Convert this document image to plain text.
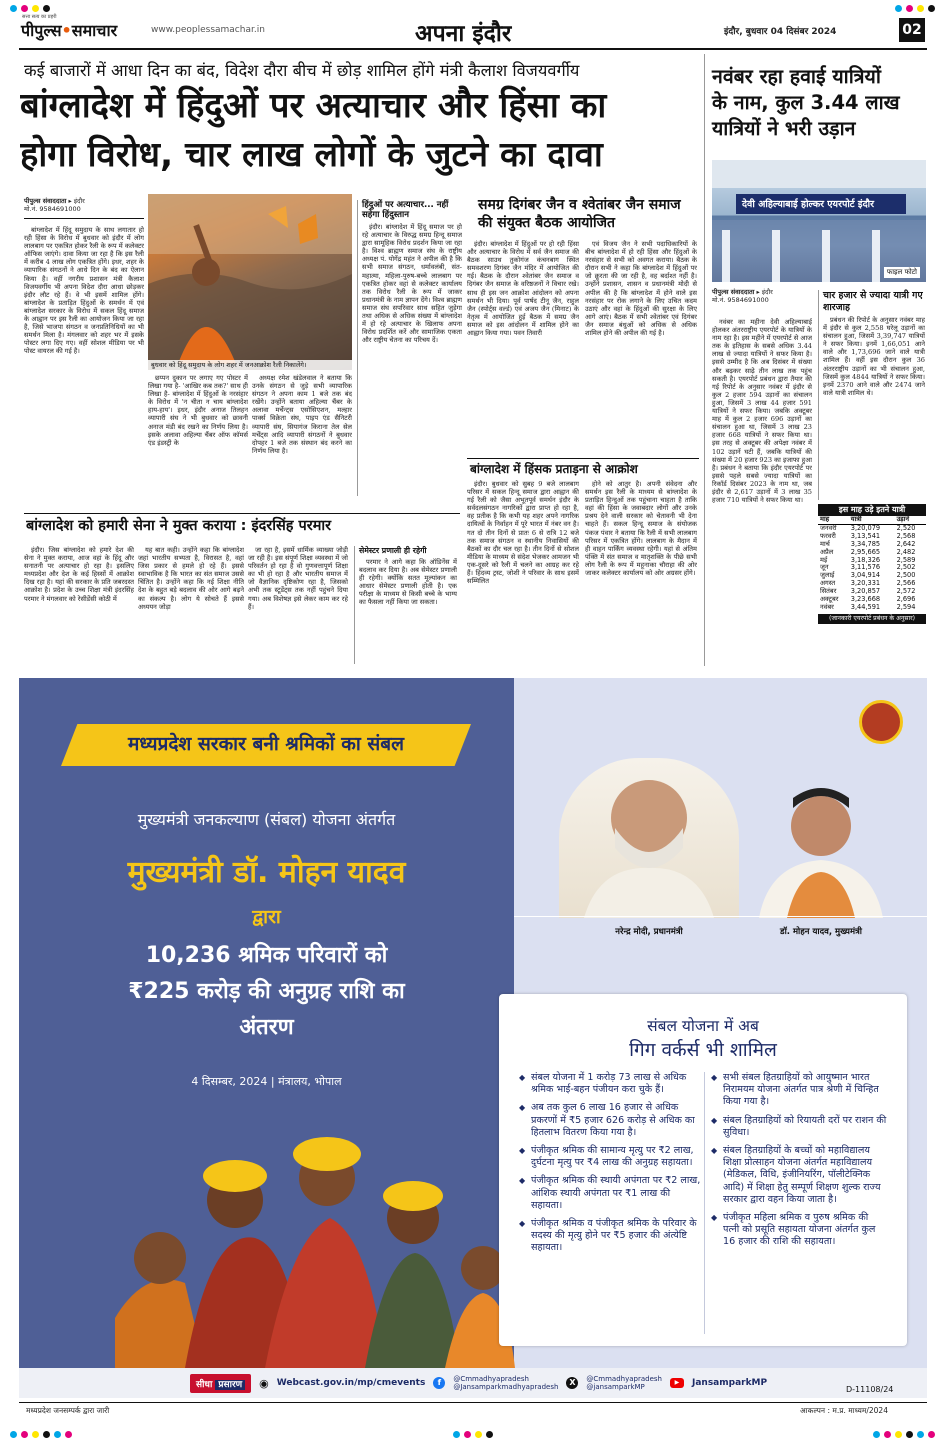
सत्ता सत्य का प्रहरी
पीपुल्स•समाचार	www.peoplessamachar.in	अपना इंदौर	इंदौर, बुधवार 04 दिसंबर 2024	02
कई बाजारों में आधा दिन का बंद, विदेश दौरा बीच में छोड़ शामिल होंगे मंत्री कैलाश विजयवर्गीय
बांग्लादेश में हिंदुओं पर अत्याचार और हिंसा का
होगा विरोध, चार लाख लोगों के जुटने का दावा
पीपुल्स संवाददाता ▸ इंदौर
मो.नं. 9584691000
बुधवार को हिंदू समुदाय के लोग शहर में जनआक्रोश रैली निकालेंगे।

बांग्लादेश में हिंदू समुदाय के साथ लगातार हो रही हिंसा के विरोध में बुधवार को इंदौर में लोग लालबाग पर एकत्रित होकर रैली के रूप में कलेक्टर ऑफिस जाएंगे। दावा किया जा रहा है कि इस रैली में करीब 4 लाख लोग एकत्रित होंगे। इधर, शहर के व्यापारिक संगठनों ने आधे दिन के बंद का ऐलान किया है। वहीं नगरीय प्रशासन मंत्री कैलाश विजयवर्गीय भी अपना विदेश दौरा आधा छोड़कर इंदौर लौट रहे हैं। वे भी इसमें शामिल होंगे। बांग्लादेश के प्रताड़ित हिंदुओं के समर्थन में एवं बांग्लादेश सरकार के विरोध में सकल हिंदू समाज के आह्वान पर इस रैली का आयोजन किया जा रहा है, जिसे भाजपा संगठन व जनप्रतिनिधियों का भी समर्थन मिला है। मंगलवार को शहर भर में इसके पोस्टर लगा दिए गए। वहीं सोशल मीडिया पर भी पोस्ट वायरल की गई है।

छप्पन दुकान पर लगाए गए पोस्टर में लिखा गया है- 'आखिर कब तक?' साथ ही लिखा है- बांग्लादेश में हिंदुओं के नरसंहार के विरोध में 'न चीता न चाय बांग्लादेश हाय-हाय'। इधर, इंदौर अनाज तिलहन व्यापारी संघ ने भी बुधवार को छावनी अनाज मंडी बंद रखने का निर्णय लिया है। इसके अलावा अहिल्या चैंबर ऑफ कॉमर्स एंड इंडस्ट्री के

अध्यक्ष रमेश खंडेलवाल ने बताया कि उनके संगठन से जुड़े सभी व्यापारिक संगठन ने अपना काम 1 बजे तक बंद रखेंगे। उन्होंने बताया अहिल्या चैंबर के अलावा मर्चेन्ट्स एसोसिएशन, मल्हार पार्क्स विक्रेता संघ, पाइप एंड सैनिटरी व्यापारी संघ, सियागंज किराना तेल सेल मर्चेंट्स आदि व्यापारी संगठनों ने बुधवार दोपहर 1 बजे तक संस्थान बंद करने का निर्णय लिया है।

हिंदुओं पर अत्याचार... नहीं सहेगा हिंदुस्तान

इंदौर। बांग्लादेश में हिंदू समाज पर हो रहे अत्याचार के विरुद्ध समग्र हिन्दू समाज द्वारा सामूहिक विरोध प्रदर्शन किया जा रहा है। विश्व ब्राह्मण समाज संघ के राष्ट्रीय अध्यक्ष पं. योगेंद्र महंत ने अपील की है कि सभी समाज संगठन, धर्मावलंबी, संत-महात्मा, महिला-पुरुष-बच्चे लालबाग पर एकत्रित होकर वहां से कलेक्टर कार्यालय तक विरोध रैली के रूप में जाकर प्रधानमंत्री के नाम ज्ञापन देंगे। विश्व ब्राह्मण समाज संघ सपरिवार साथ सहित जुड़ेगा तथा अधिक से अधिक संख्या में बांग्लादेश में हो रहे अत्याचार के खिलाफ अपना विरोध प्रदर्शित करें और सामाजिक एकता और राष्ट्रीय चेतना का परिचय दें।

समग्र दिगंबर जैन व श्वेतांबर जैन समाज की संयुक्त बैठक आयोजित

इंदौर। बांग्लादेश में हिंदुओं पर हो रही हिंसा और अत्याचार के विरोध में सर्व जैन समाज की बैठक साउथ तुकोगंज कंचनबाग स्थित समवशरण दिगंबर जैन मंदिर में आयोजित की गई। बैठक के दौरान श्वेतांबर जैन समाज व दिगंबर जैन समाज के वरिष्ठजनों ने विचार रखे। साथ ही इस जन आक्रोश आंदोलन को अपना समर्थन भी दिया। पूर्व पार्षद टीनू जैन, राहुल जैन (स्पोर्ट्स वर्ल्ड) एवं अजय जैन (मिनाट) के नेतृत्व में आयोजित हुई बैठक में समग्र जैन समाज को इस आंदोलन में शामिल होने का आह्वान किया गया। पवन तिवारी

एवं विजय जैन ने सभी पदाधिकारियों के बीच बांग्लादेश में हो रही हिंसा और हिंदुओं के नरसंहार से सभी को अवगत कराया। बैठक के दौरान सभी ने कहा कि बांग्लादेश में हिंदुओं पर जो क्रूरता की जा रही है, वह बर्दाश्त नहीं है। उन्होंने प्रशासन, शासन व प्रधानमंत्री मोदी से अपील की है कि बांग्लादेश में होने वाले इस नरसंहार पर रोक लगाने के लिए उचित कदम उठाएं और वहां के हिंदुओं की सुरक्षा के लिए आगे आएं। बैठक में सभी श्वेतांबर एवं दिगंबर जैन समाज बंधुओं को अधिक से अधिक शामिल होने की अपील की गई है।

बांग्लादेश में हिंसक प्रताड़ना से आक्रोश

इंदौर। बुधवार को सुबह 9 बजे लालबाग परिसर में सकल हिन्दू समाज द्वारा आह्वान की गई रैली को जैसा अभूतपूर्व समर्थन इंदौर के सर्वदलसंगठन नागरिकों द्वारा प्राप्त हो रहा है, वह प्रतीक है कि कभी यह शहर अपने नागरिक दायित्वों के निर्वाहन में पूरे भारत में नंबर वन है। गत दो तीन दिनों से प्रातः 6 से रात्रि 12 बजे तक समाज संगठन व स्थानीय निवासियों की बैठकों का दौर चल रहा है। तीन दिनों से सोशल मीडिया के माध्यम से संदेश भेजकर आमजन भी एक-दूसरे को रैली में चलने का आग्रह कर रहे हैं। हिंदव्य ट्रस्ट, जोशी ने परिवार के साथ इसमें सम्मिलित

होने को आतुर है। अपनी संवेदना और समर्थन इस रैली के माध्यम से बांग्लादेश के प्रताड़ित हिन्दुओं तक पहुंचाना चाहता है ताकि वहां की हिंसा के जवाबदार लोगों और उनके प्रश्रय देने वाली सरकार को चेतावनी भी देना चाहते हैं। सकल हिन्दू समाज के संयोजक पंकज पंवार ने बताया कि रैली में सभी लालबाग परिसर में एकत्रित होंगे। लालबाग के मैदान में ही वाहन पार्किंग व्यवस्था रहेगी। यहां से अंतिम पंक्ति में संत समाज व मातृशक्ति के पीछे सभी लोग रैली के रूप में महूनाका चौराहा की ओर जाकर कलेक्टर कार्यालय को ओर अग्रसर होंगे।

बांग्लादेश को हमारी सेना ने मुक्त कराया : इंदरसिंह परमार

इंदौर। जिस बांग्लादेश को हमारे देश की सेना ने मुक्त कराया, आज वहां के हिंदू और सनातनी पर अत्याचार हो रहा है। इसलिए मध्यप्रदेश और देश के कई हिस्सों में आक्रोश दिख रहा है। यहां की सरकार के प्रति जबरदस्त आक्रोश है। प्रदेश के उच्च शिक्षा मंत्री इंदरसिंह परमार ने मंगलवार को रेसीडेंसी कोठी में

यह बात कही। उन्होंने कहा कि बांग्लादेश जहां भारतीय सभ्यता है, विरासत है, वहां जिस प्रकार से हमले हो रहे हैं। इससे स्वाभाविक है कि भारत का संत समाज उससे चिंतित है। उन्होंने कहा कि नई शिक्षा नीति देश के बहुत बड़े बदलाव की ओर आगे बढ़ने का संकल्प है। लोग ये सोचते हैं इससे अध्ययन जोड़ा

जा रहा है, इसमें धार्मिक व्याख्या जोड़ी जा रही है। इस संपूर्ण शिक्षा व्यवस्था में जो परिवर्तन हो रहा है वो गुणवत्तापूर्ण शिक्षा का भी हो रहा है और भारतीय समाज में जो वैज्ञानिक दृष्टिकोण रहा है, जिसको अभी तक स्टूडेंट्स तक नहीं पहुंचने दिया गया। अब विशेषज्ञ इसे लेकर काम कर रहे हैं।

सेमेस्टर प्रणाली ही रहेगी

परमार ने आगे कहा कि ऑडिनेंस में बदलाव कर दिया है। अब सेमेस्टर प्रणाली ही रहेगी। क्योंकि सतत मूल्यांकन का आधार सेमेस्टर प्रणाली होती है। एक परीक्षा के माध्यम से किसी बच्चे के भाग्य का फैसला नहीं किया जा सकता।

नवंबर रहा हवाई यात्रियों
के नाम, कुल 3.44 लाख
यात्रियों ने भरी उड़ान
देवी अहिल्याबाई होल्कर एयरपोर्ट इंदौर
फाइल फोटो
पीपुल्स संवाददाता ▸ इंदौर
मो.नं. 9584691000

नवंबर का महीना देवी अहिल्याबाई होलकर अंतरराष्ट्रीय एयरपोर्ट के यात्रियों के नाम रहा है। इस महीने में एयरपोर्ट से आज तक के इतिहास के सबसे अधिक 3.44 लाख से ज्यादा यात्रियों ने सफर किया है। इससे उम्मीद है कि अब दिसंबर में संख्या और बढ़कर साढ़े तीन लाख तक पहुंच सकती है। एयरपोर्ट प्रबंधन द्वारा तैयार की गई रिपोर्ट के अनुसार नवंबर में इंदौर से कुल 2 हजार 594 उड़ानों का संचालन हुआ, जिसमें 3 लाख 44 हजार 591 यात्रियों ने सफर किया। जबकि अक्टूबर माह में कुल 2 हजार 696 उड़ानों का संचालन हुआ था, जिसमें 3 लाख 23 हजार 668 यात्रियों ने सफर किया था। इस तरह से अक्टूबर की अपेक्षा नवंबर में 102 उड़ानें घटी हैं, जबकि यात्रियों की संख्या में 20 हजार 923 का इजाफा हुआ है। प्रबंधन ने बताया कि इंदौर एयरपोर्ट पर इससे पहले सबसे ज्यादा यात्रियों का रिकॉर्ड दिसंबर 2023 के नाम था, जब इंदौर से 2,617 उड़ानों में 3 लाख 35 हजार 710 यात्रियों ने सफर किया था।

चार हजार से ज्यादा यात्री गए शारजाह

प्रबंधन की रिपोर्ट के अनुसार नवंबर माह में इंदौर से कुल 2,558 घरेलू उड़ानों का संचालन हुआ, जिसमें 3,39,747 यात्रियों ने सफर किया। इनमें 1,66,051 आने वाले और 1,73,696 जाने वाले यात्री शामिल हैं। वहीं इस दौरान कुल 36 अंतरराष्ट्रीय उड़ानों का भी संचालन हुआ, जिसमें कुल 4844 यात्रियों ने सफर किया। इनमें 2370 आने वाले और 2474 जाने वाले यात्री शामिल थे।

इस माह उड़े इतने यात्री
माह	यात्री	उड़ानें
जनवरी	3,20,079	2,520
फरवरी	3,13,541	2,568
मार्च	3,34,785	2,642
अप्रैल	2,95,665	2,482
मई	3,18,326	2,589
जून	3,11,576	2,502
जुलाई	3,04,914	2,500
अगस्त	3,20,331	2,566
सितंबर	3,20,857	2,572
अक्टूबर	3,23,668	2,696
नवंबर	3,44,591	2,594
(जानकारी एयरपोर्ट प्रबंधन के अनुसार)
मध्यप्रदेश सरकार बनी श्रमिकों का संबल
मुख्यमंत्री जनकल्याण (संबल) योजना अंतर्गत
मुख्यमंत्री डॉ. मोहन यादव
द्वारा
10,236 श्रमिक परिवारों को
₹225 करोड़ की अनुग्रह राशि का
अंतरण
4 दिसम्बर, 2024 | मंत्रालय, भोपाल
नरेन्द्र मोदी, प्रधानमंत्री	डॉ. मोहन यादव, मुख्यमंत्री
संबल योजना में अब
गिग वर्कर्स भी शामिल
◆ संबल योजना में 1 करोड़ 73 लाख से अधिक श्रमिक भाई-बहन पंजीयन करा चुके हैं।
◆ अब तक कुल 6 लाख 16 हजार से अधिक प्रकरणों में ₹5 हजार 626 करोड़ से अधिक का हितलाभ वितरण किया गया है।
◆ पंजीकृत श्रमिक की सामान्य मृत्यु पर ₹2 लाख, दुर्घटना मृत्यु पर ₹4 लाख की अनुग्रह सहायता।
◆ पंजीकृत श्रमिक की स्थायी अपंगता पर ₹2 लाख, आंशिक स्थायी अपंगता पर ₹1 लाख की सहायता।
◆ पंजीकृत श्रमिक व पंजीकृत श्रमिक के परिवार के सदस्य की मृत्यु होने पर ₹5 हजार की अंत्येष्टि सहायता।
◆ सभी संबल हितग्राहियों को आयुष्मान भारत निरामयम योजना अंतर्गत पात्र श्रेणी में चिन्हित किया गया है।
◆ संबल हितग्राहियों को रियायती दरों पर राशन की सुविधा।
◆ संबल हितग्राहियों के बच्चों को महाविद्यालय शिक्षा प्रोत्साहन योजना अंतर्गत महाविद्यालय (मेडिकल, विधि, इंजीनियरिंग, पॉलीटेक्निक आदि) में शिक्षा हेतु सम्पूर्ण शिक्षण शुल्क राज्य सरकार द्वारा वहन किया जाता है।
◆ पंजीकृत महिला श्रमिक व पुरुष श्रमिक की पत्नी को प्रसूति सहायता योजना अंतर्गत कुल 16 हजार की राशि की सहायता।
सीधा प्रसारण	◉ Webcast.gov.in/mp/cmevents	f	@Cmmadhyapradesh
@Jansamparkmadhyapradesh	X	@Cmmadhyapradesh
@jansamparkMP
▶	JansamparkMP
D-11108/24
मध्यप्रदेश जनसम्पर्क द्वारा जारी	आकल्पन : म.प्र. माध्यम/2024
